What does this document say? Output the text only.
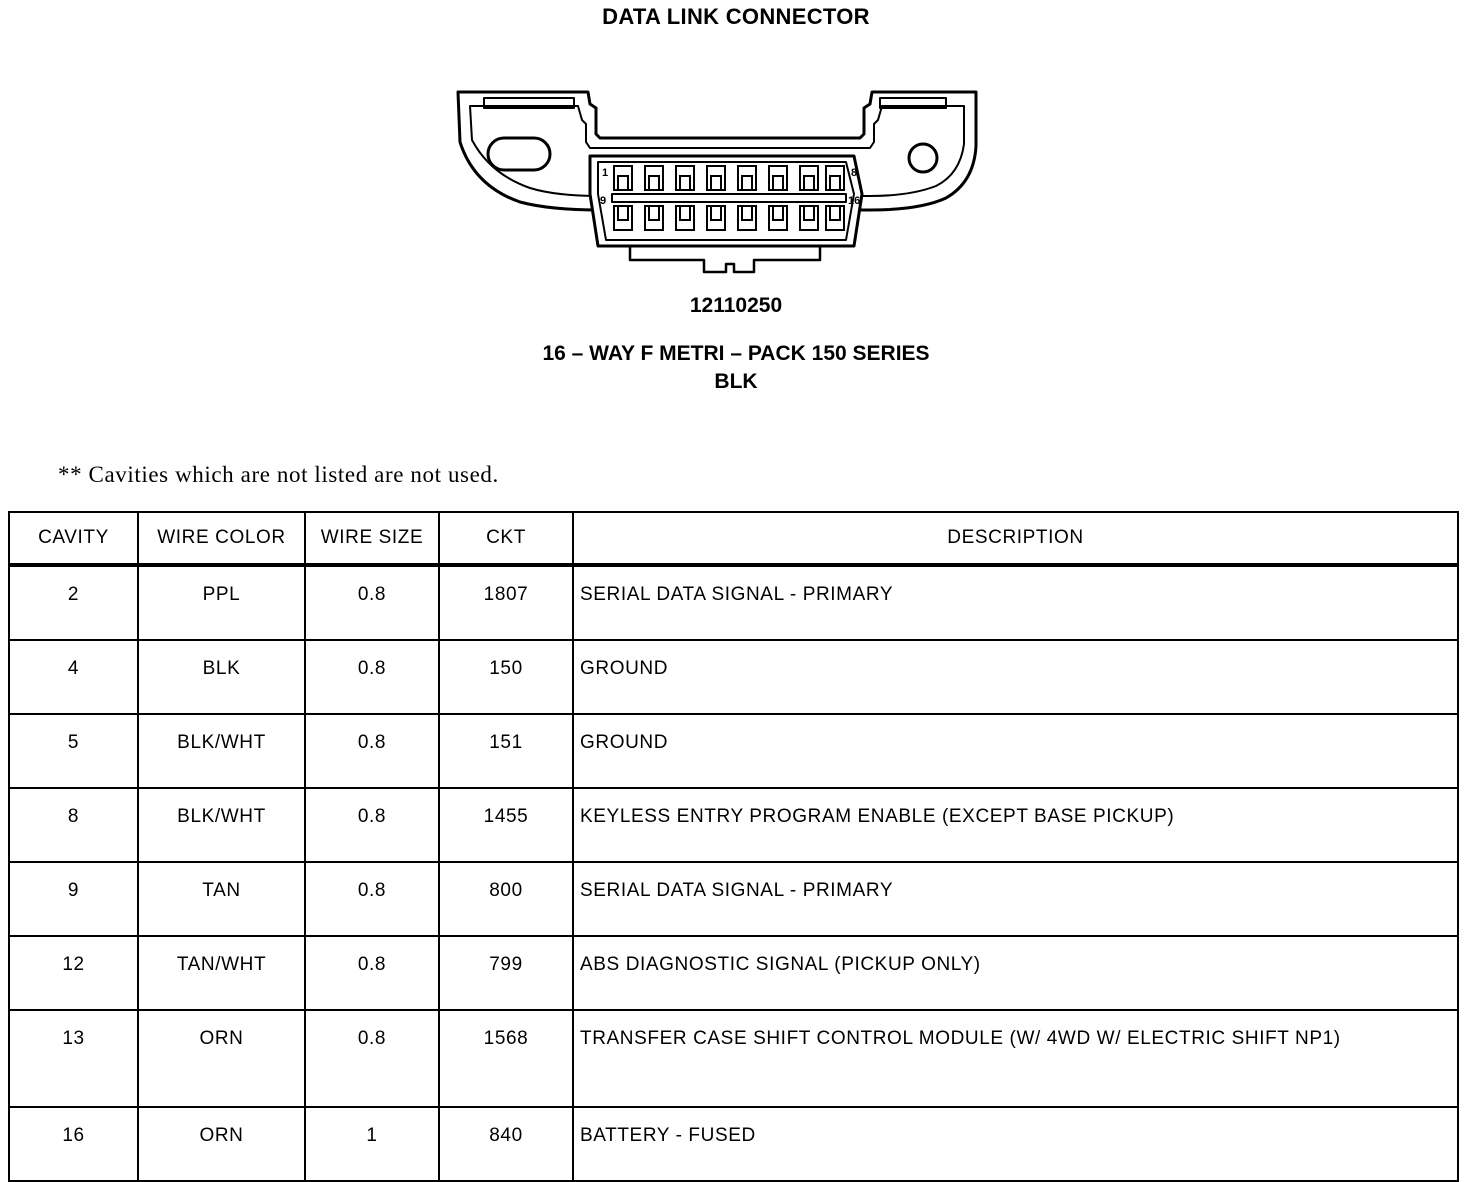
DATA LINK CONNECTOR
1	8
9	16
12110250
16 – WAY F METRI – PACK 150 SERIES
BLK
** Cavities which are not listed are not used.
CAVITY	WIRE COLOR	WIRE SIZE	CKT	DESCRIPTION
2	PPL	0.8	1807	SERIAL DATA SIGNAL - PRIMARY
4	BLK	0.8	150	GROUND
5	BLK/WHT	0.8	151	GROUND
8	BLK/WHT	0.8	1455	KEYLESS ENTRY PROGRAM ENABLE (EXCEPT BASE PICKUP)
9	TAN	0.8	800	SERIAL DATA SIGNAL - PRIMARY
12	TAN/WHT	0.8	799	ABS DIAGNOSTIC SIGNAL (PICKUP ONLY)
13	ORN	0.8	1568	TRANSFER CASE SHIFT CONTROL MODULE (W/ 4WD W/ ELECTRIC SHIFT NP1)
16	ORN	1	840	BATTERY - FUSED
